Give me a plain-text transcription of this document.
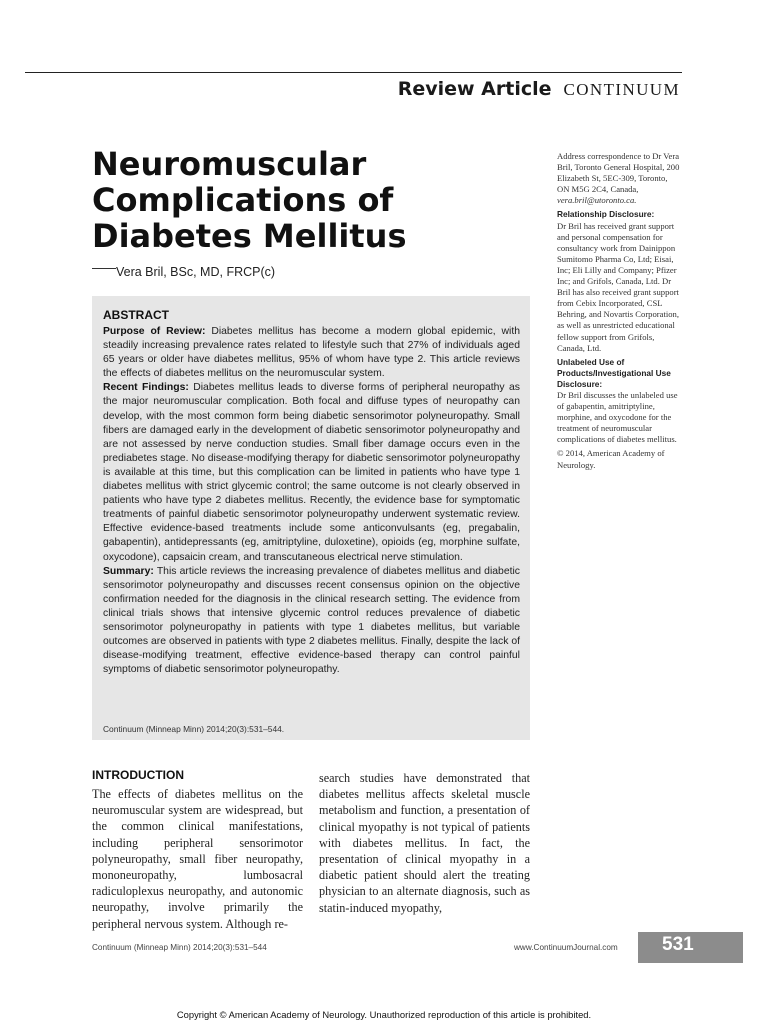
Review Article CONTINUUM
Neuromuscular Complications of Diabetes Mellitus
Vera Bril, BSc, MD, FRCP(c)
ABSTRACT

Purpose of Review: Diabetes mellitus has become a modern global epidemic, with steadily increasing prevalence rates related to lifestyle such that 27% of individuals aged 65 years or older have diabetes mellitus, 95% of whom have type 2. This article reviews the effects of diabetes mellitus on the neuromuscular system.
Recent Findings: Diabetes mellitus leads to diverse forms of peripheral neuropathy as the major neuromuscular complication. Both focal and diffuse types of neuropathy can develop, with the most common form being diabetic sensorimotor polyneuropathy. Small fibers are damaged early in the development of diabetic sensorimotor polyneuropathy and are not assessed by nerve conduction studies. Small fiber damage occurs even in the prediabetes stage. No disease-modifying therapy for diabetic sensorimotor polyneuropathy is available at this time, but this complication can be limited in patients who have type 1 diabetes mellitus with strict glycemic control; the same outcome is not clearly observed in patients who have type 2 diabetes mellitus. Recently, the evidence base for symptomatic treatments of painful diabetic sensorimotor polyneuropathy underwent systematic review. Effective evidence-based treatments include some anticonvulsants (eg, pregabalin, gabapentin), antidepressants (eg, amitriptyline, duloxetine), opioids (eg, morphine sulfate, oxycodone), capsaicin cream, and transcutaneous electrical nerve stimulation.
Summary: This article reviews the increasing prevalence of diabetes mellitus and diabetic sensorimotor polyneuropathy and discusses recent consensus opinion on the objective confirmation needed for the diagnosis in the clinical research setting. The evidence from clinical trials shows that intensive glycemic control reduces prevalence of diabetic sensorimotor polyneuropathy in patients with type 1 diabetes mellitus, but variable outcomes are observed in patients with type 2 diabetes mellitus. Finally, despite the lack of disease-modifying treatment, effective evidence-based therapy can control painful symptoms of diabetic sensorimotor polyneuropathy.

Continuum (Minneap Minn) 2014;20(3):531–544.

Address correspondence to Dr Vera Bril, Toronto General Hospital, 200 Elizabeth St, 5EC-309, Toronto, ON M5G 2C4, Canada, vera.bril@utoronto.ca.

Relationship Disclosure:
Dr Bril has received grant support and personal compensation for consultancy work from Dainippon Sumitomo Pharma Co, Ltd; Eisai, Inc; Eli Lilly and Company; Pfizer Inc; and Grifols, Canada, Ltd. Dr Bril has also received grant support from Cebix Incorporated, CSL Behring, and Novartis Corporation, as well as unrestricted educational fellow support from Grifols, Canada, Ltd.

Unlabeled Use of Products/Investigational Use Disclosure:
Dr Bril discusses the unlabeled use of gabapentin, amitriptyline, morphine, and oxycodone for the treatment of neuromuscular complications of diabetes mellitus.

© 2014, American Academy of Neurology.

INTRODUCTION

The effects of diabetes mellitus on the neuromuscular system are widespread, but the common clinical manifestations, including peripheral sensorimotor polyneuropathy, small fiber neuropathy, mononeuropathy, lumbosacral radiculoplexus neuropathy, and autonomic neuropathy, involve primarily the peripheral nervous system. Although re-

search studies have demonstrated that diabetes mellitus affects skeletal muscle metabolism and function, a presentation of clinical myopathy is not typical of patients with diabetes mellitus. In fact, the presentation of clinical myopathy in a diabetic patient should alert the treating physician to an alternate diagnosis, such as statin-induced myopathy,

Continuum (Minneap Minn) 2014;20(3):531–544	www.ContinuumJournal.com 531
Copyright © American Academy of Neurology. Unauthorized reproduction of this article is prohibited.
